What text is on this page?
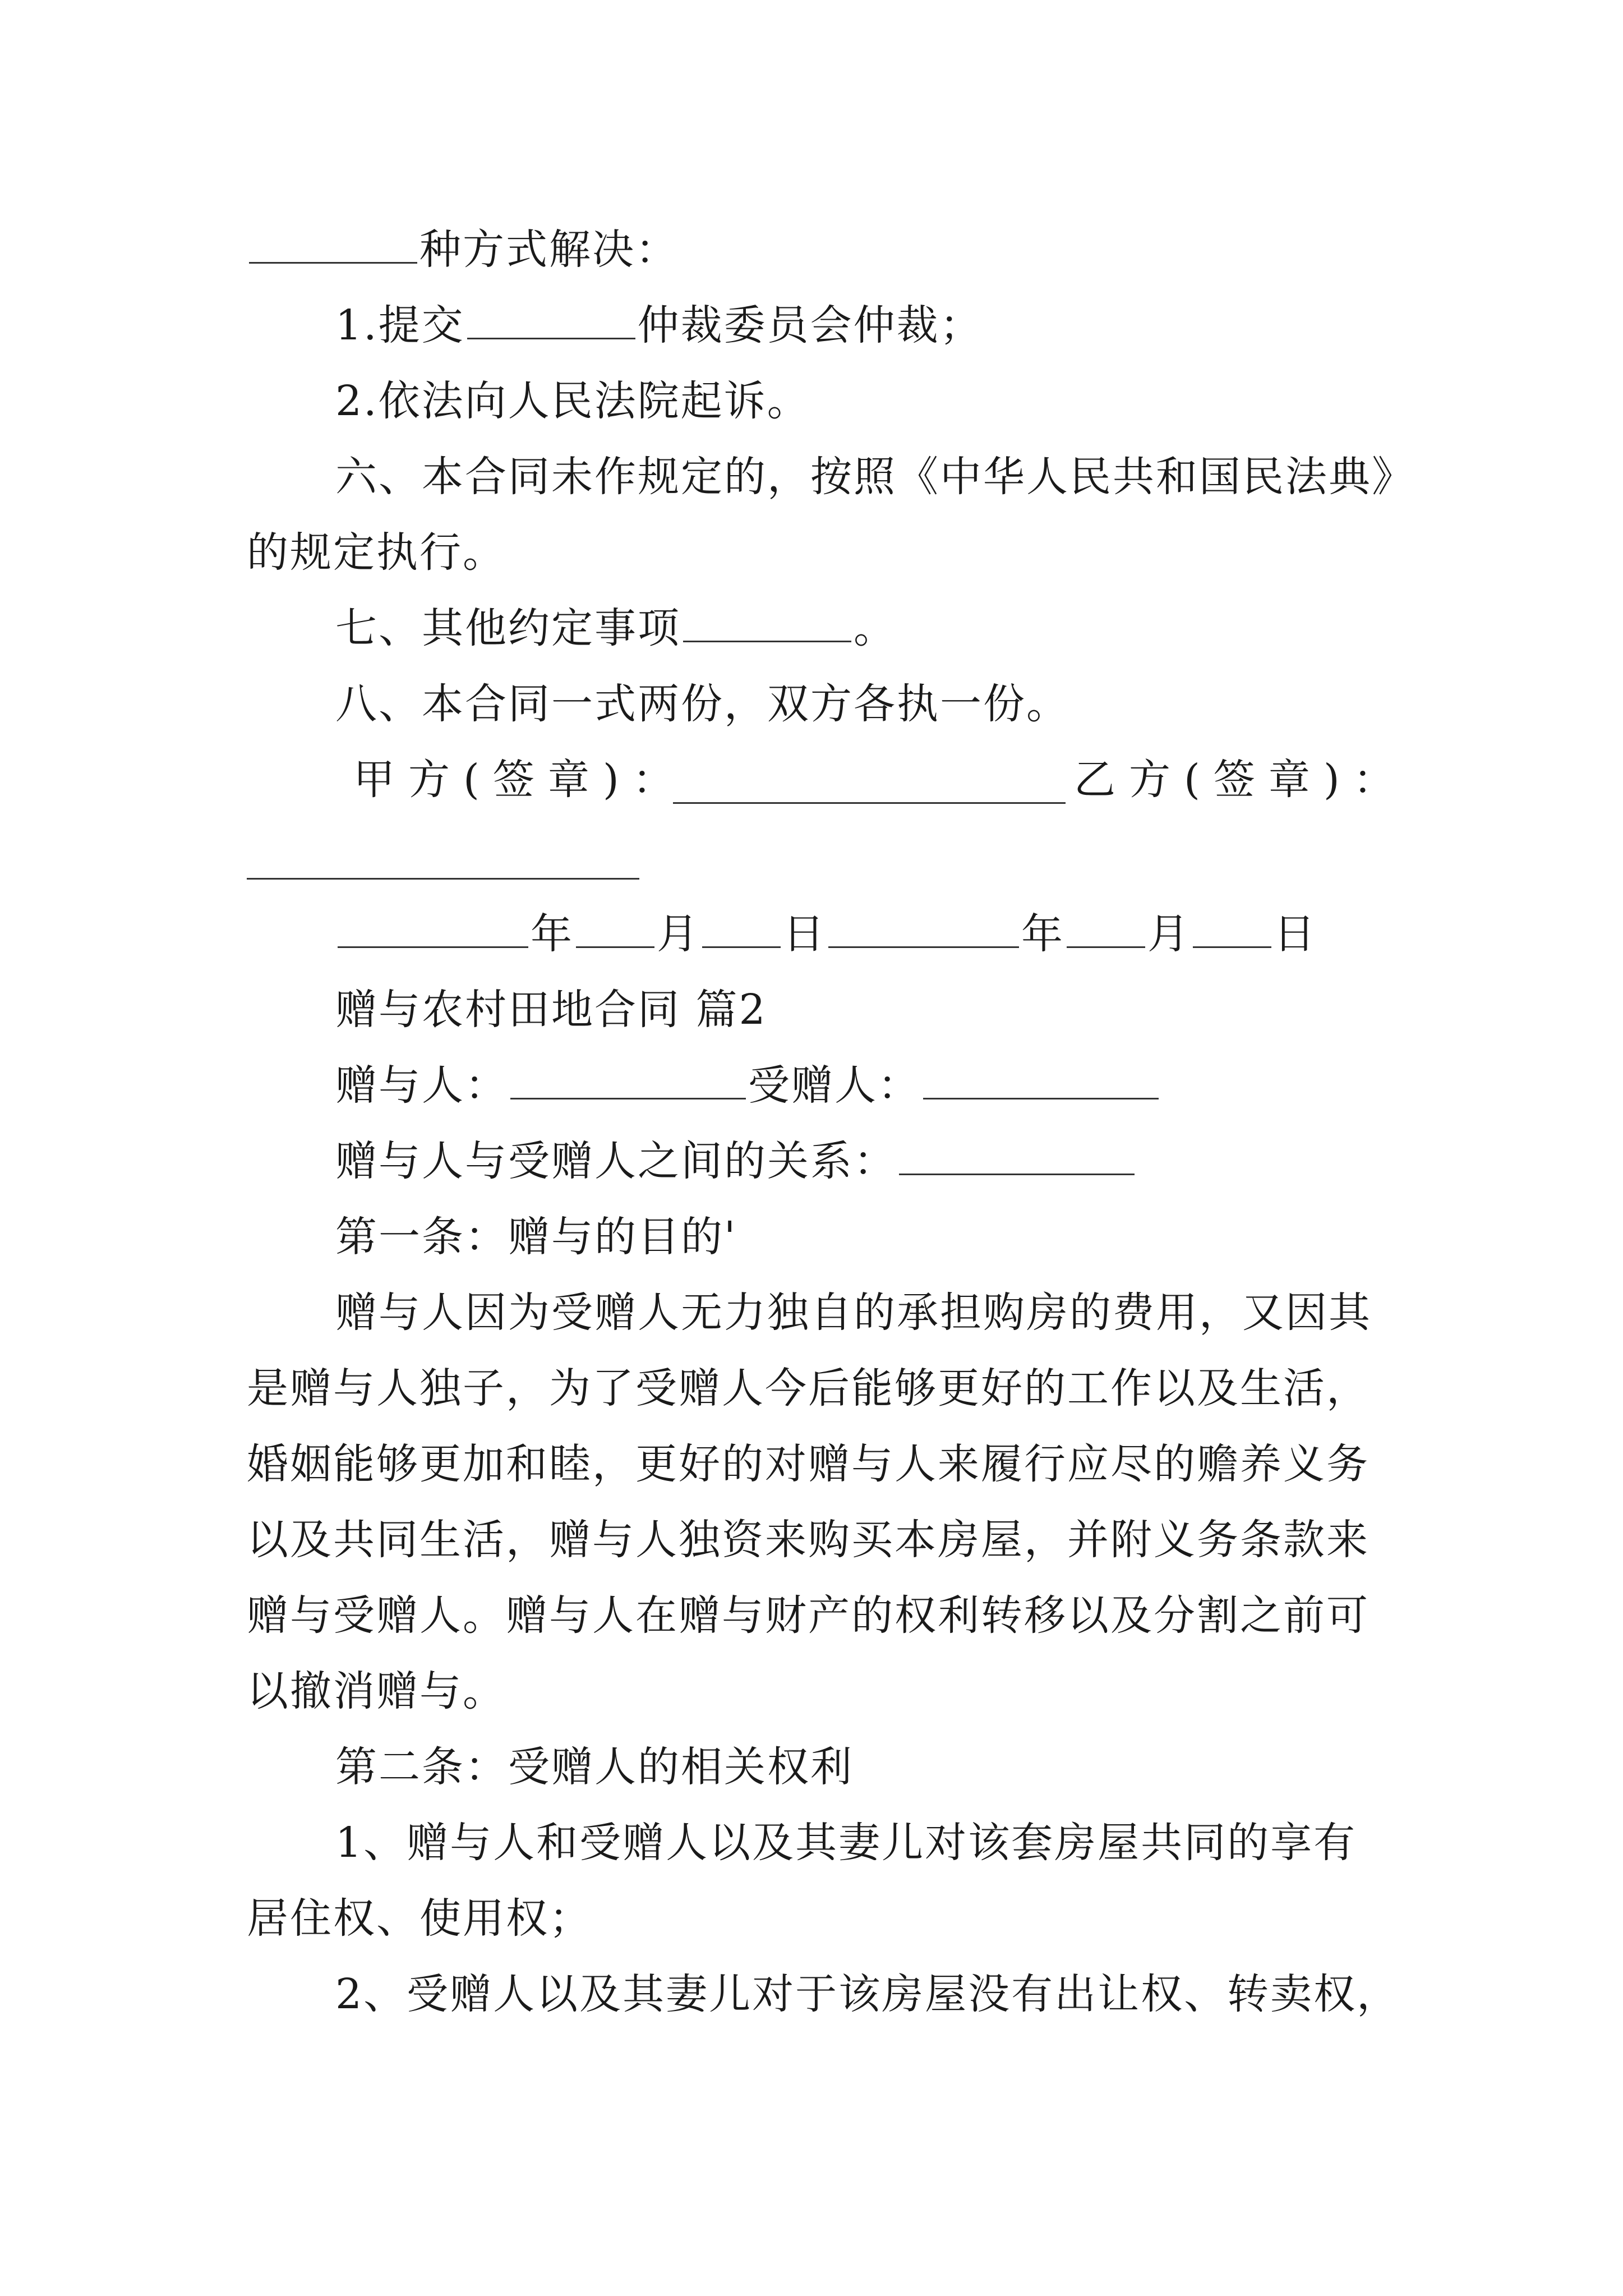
种方式解决：
1.提交	仲裁委员会仲裁；
2.依法向人民法院起诉。
六、本合同未作规定的，按照《中华人民共和国民法典》
的规定执行。
七、其他约定事项	。
八、本合同一式两份，双方各执一份。
甲方(签章)：	乙方(签章)：
年 月 日	年 月 日
赠与农村田地合同 篇2
赠与人：	受赠人：
赠与人与受赠人之间的关系：
第一条：赠与的目的'
赠与人因为受赠人无力独自的承担购房的费用，又因其
是赠与人独子，为了受赠人今后能够更好的工作以及生活，
婚姻能够更加和睦，更好的对赠与人来履行应尽的赡养义务
以及共同生活，赠与人独资来购买本房屋，并附义务条款来
赠与受赠人。赠与人在赠与财产的权利转移以及分割之前可
以撤消赠与。
第二条：受赠人的相关权利
1、赠与人和受赠人以及其妻儿对该套房屋共同的享有
居住权、使用权；
2、受赠人以及其妻儿对于该房屋没有出让权、转卖权，
